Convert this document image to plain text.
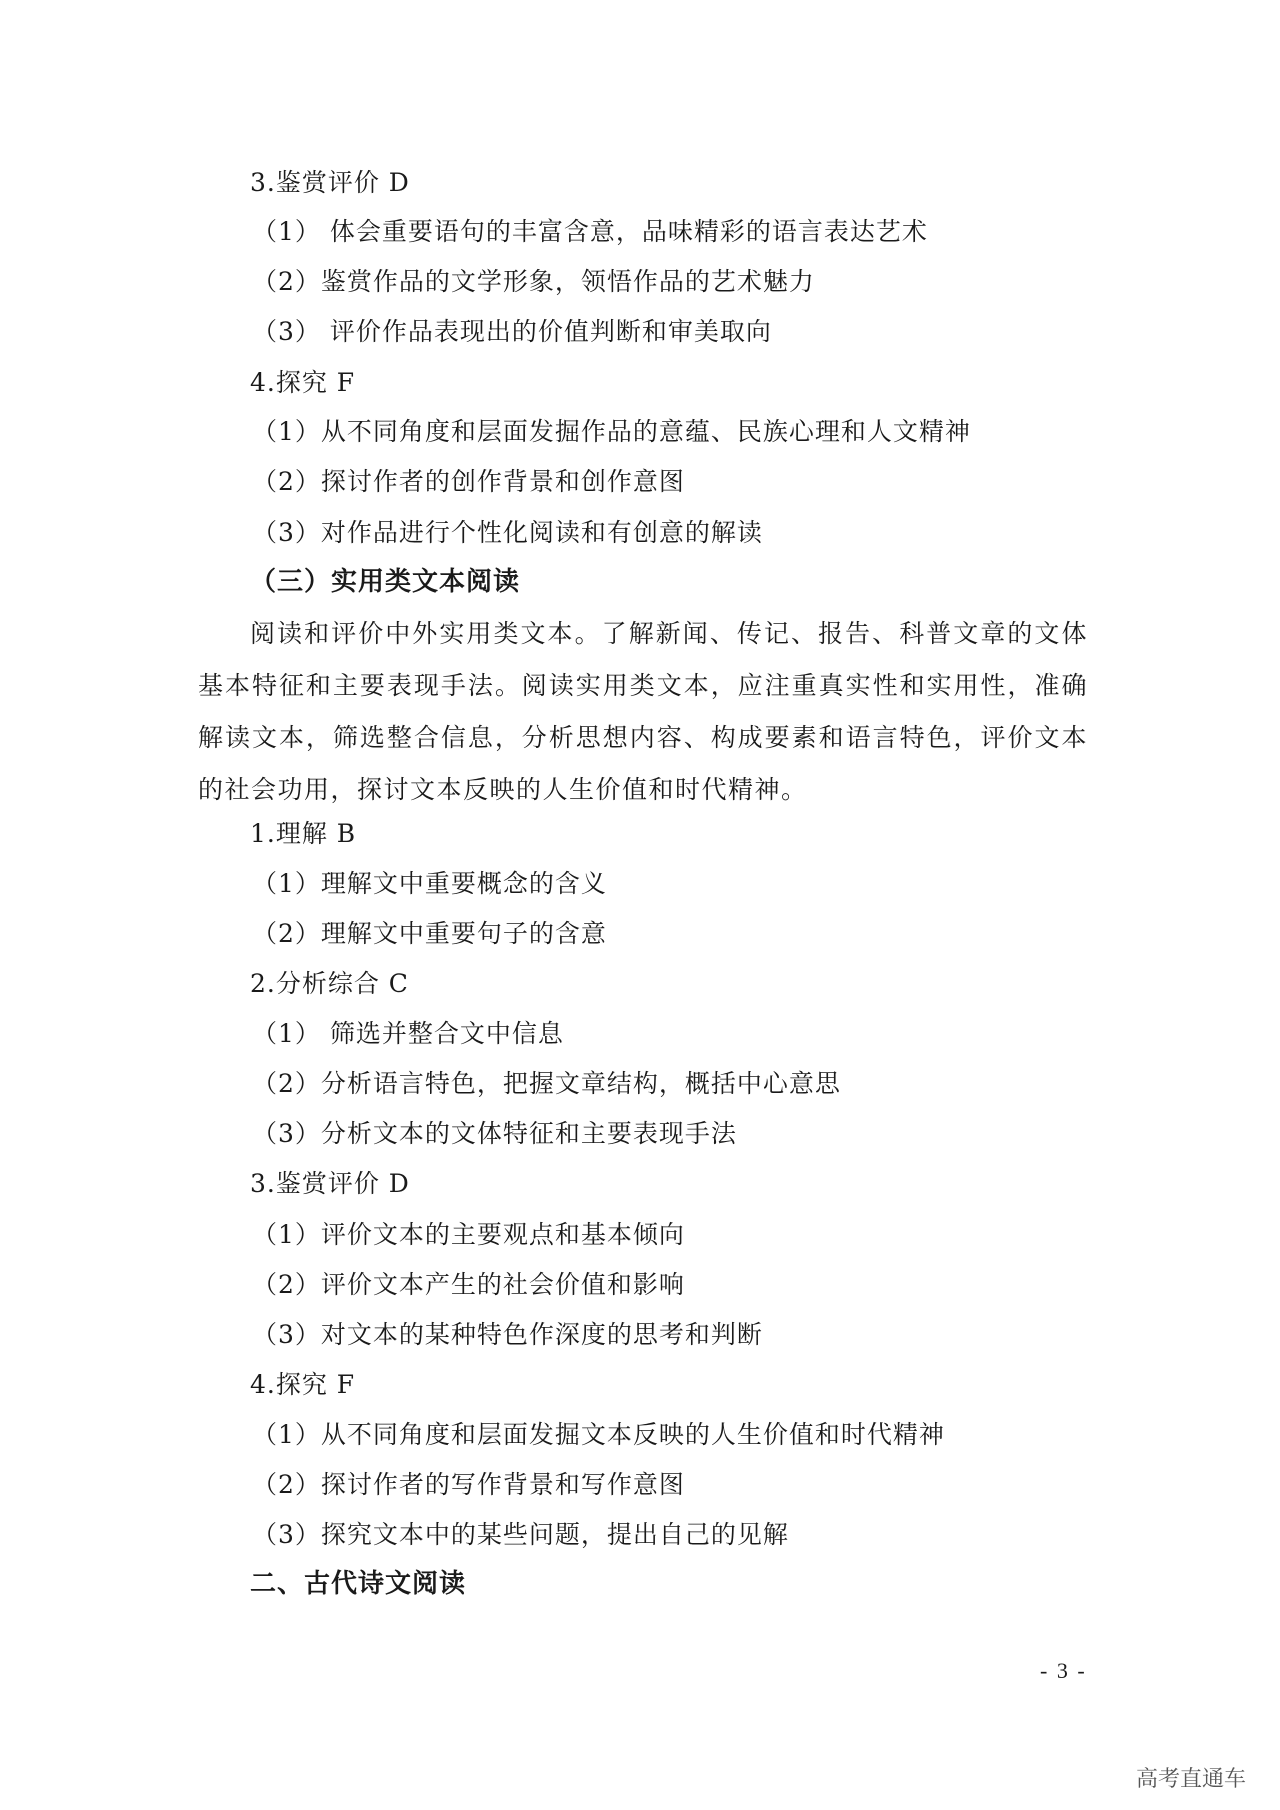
3.鉴赏评价 D
（1） 体会重要语句的丰富含意，品味精彩的语言表达艺术
（2）鉴赏作品的文学形象，领悟作品的艺术魅力
（3） 评价作品表现出的价值判断和审美取向
4.探究 F
（1）从不同角度和层面发掘作品的意蕴、民族心理和人文精神
（2）探讨作者的创作背景和创作意图
（3）对作品进行个性化阅读和有创意的解读
（三）实用类文本阅读
阅读和评价中外实用类文本。了解新闻、传记、报告、科普文章的文体基本特征和主要表现手法。阅读实用类文本，应注重真实性和实用性，准确解读文本，筛选整合信息，分析思想内容、构成要素和语言特色，评价文本的社会功用，探讨文本反映的人生价值和时代精神。
1.理解 B
（1）理解文中重要概念的含义
（2）理解文中重要句子的含意
2.分析综合 C
（1） 筛选并整合文中信息
（2）分析语言特色，把握文章结构，概括中心意思
（3）分析文本的文体特征和主要表现手法
3.鉴赏评价 D
（1）评价文本的主要观点和基本倾向
（2）评价文本产生的社会价值和影响
（3）对文本的某种特色作深度的思考和判断
4.探究 F
（1）从不同角度和层面发掘文本反映的人生价值和时代精神
（2）探讨作者的写作背景和写作意图
（3）探究文本中的某些问题，提出自己的见解
二、古代诗文阅读
- 3 -
高考直通车
